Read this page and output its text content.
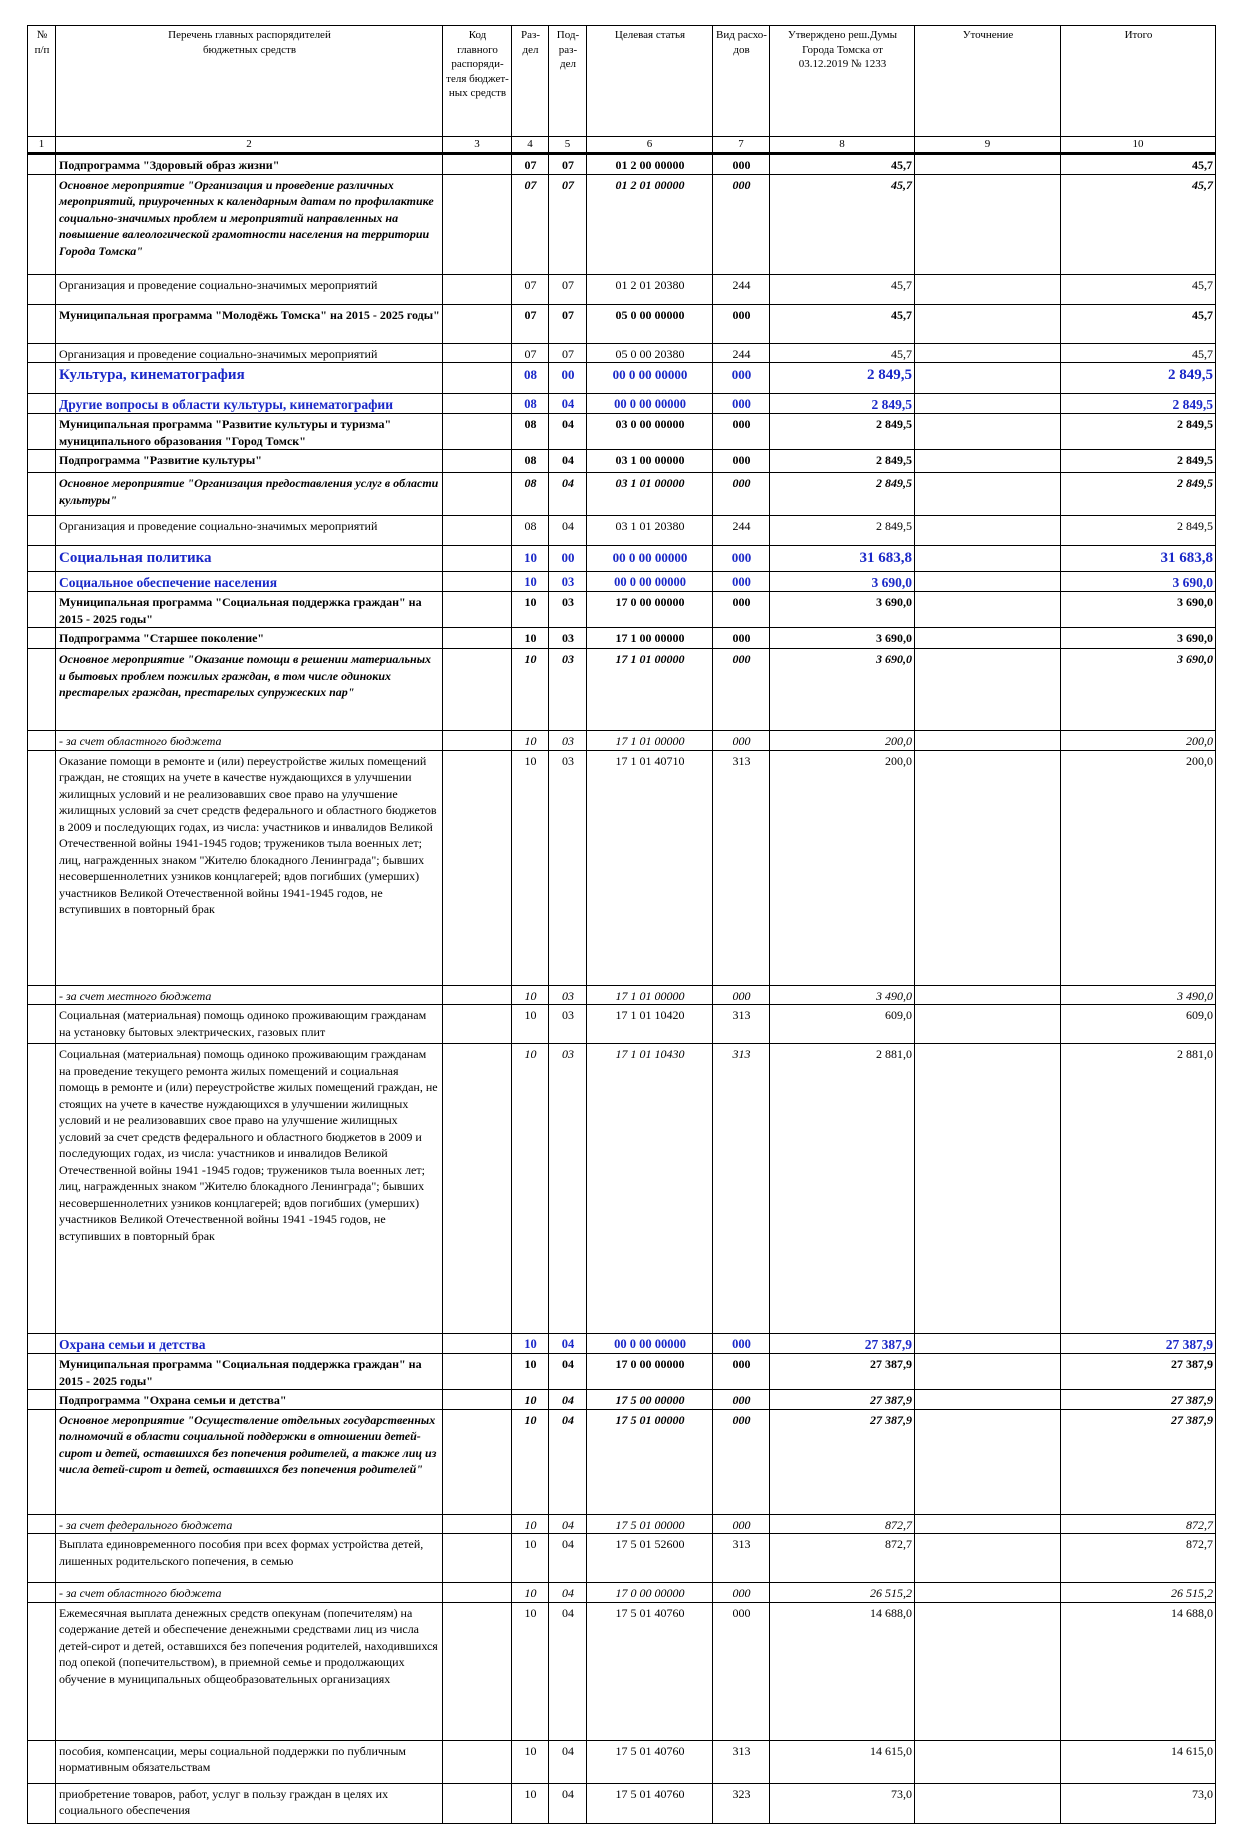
№
п/п	Перечень главных распорядителей
бюджетных средств	Код
главного
распоряди-
теля бюджет-
ных средств	Раз-
дел	Под-
раз-
дел	Целевая статья	Вид расхо-
дов	Утверждено реш.Думы
Города Томска от
03.12.2019 № 1233	Уточнение	Итого
1	2	3	4	5	6	7	8	9	10
	Подпрограмма "Здоровый образ жизни"		07	07	01 2 00 00000	000	45,7		45,7
	Основное мероприятие "Организация и проведение различных мероприятий, приуроченных к календарным датам по профилактике социально-значимых проблем и мероприятий направленных на повышение валеологической грамотности населения на территории Города Томска"		07	07	01 2 01 00000	000	45,7		45,7
	Организация и проведение социально-значимых мероприятий		07	07	01 2 01 20380	244	45,7		45,7
	Муниципальная программа "Молодёжь Томска" на 2015 - 2025 годы"		07	07	05 0 00 00000	000	45,7		45,7
	Организация и проведение социально-значимых мероприятий		07	07	05 0 00 20380	244	45,7		45,7
	Культура, кинематография		08	00	00 0 00 00000	000	2 849,5		2 849,5
	Другие вопросы в области культуры, кинематографии		08	04	00 0 00 00000	000	2 849,5		2 849,5
	Муниципальная программа "Развитие культуры и туризма" муниципального образования "Город Томск"		08	04	03 0 00 00000	000	2 849,5		2 849,5
	Подпрограмма "Развитие культуры"		08	04	03 1 00 00000	000	2 849,5		2 849,5
	Основное мероприятие "Организация предоставления услуг в области культуры"		08	04	03 1 01 00000	000	2 849,5		2 849,5
	Организация и проведение социально-значимых мероприятий		08	04	03 1 01 20380	244	2 849,5		2 849,5
	Социальная политика		10	00	00 0 00 00000	000	31 683,8		31 683,8
	Социальное обеспечение населения		10	03	00 0 00 00000	000	3 690,0		3 690,0
	Муниципальная программа "Социальная поддержка граждан" на 2015 - 2025 годы"		10	03	17 0 00 00000	000	3 690,0		3 690,0
	Подпрограмма "Старшее поколение"		10	03	17 1 00 00000	000	3 690,0		3 690,0
	Основное мероприятие "Оказание помощи в решении материальных и бытовых проблем пожилых граждан, в том числе одиноких престарелых граждан, престарелых супружеских пар"		10	03	17 1 01 00000	000	3 690,0		3 690,0
	- за счет областного бюджета		10	03	17 1 01 00000	000	200,0		200,0
	Оказание помощи в ремонте и (или) переустройстве жилых помещений граждан, не стоящих на учете в качестве нуждающихся в улучшении жилищных условий и не реализовавших свое право на улучшение жилищных условий за счет средств федерального и областного бюджетов в 2009 и последующих годах, из числа: участников и инвалидов Великой Отечественной войны 1941-1945 годов; тружеников тыла военных лет; лиц, награжденных знаком "Жителю блокадного Ленинграда"; бывших несовершеннолетних узников концлагерей; вдов погибших (умерших) участников Великой Отечественной войны 1941-1945 годов, не вступивших в повторный брак		10	03	17 1 01 40710	313	200,0		200,0
	- за счет местного бюджета		10	03	17 1 01 00000	000	3 490,0		3 490,0
	Социальная (материальная) помощь одиноко проживающим гражданам на установку бытовых электрических, газовых плит		10	03	17 1 01 10420	313	609,0		609,0
	Социальная (материальная) помощь одиноко проживающим гражданам на проведение текущего ремонта жилых помещений и социальная помощь в ремонте и (или) переустройстве жилых помещений граждан, не стоящих на учете в качестве нуждающихся в улучшении жилищных условий и не реализовавших свое право на улучшение жилищных условий за счет средств федерального и областного бюджетов в 2009 и последующих годах, из числа: участников и инвалидов Великой Отечественной войны 1941 -1945 годов; тружеников тыла военных лет; лиц, награжденных знаком "Жителю блокадного Ленинграда"; бывших несовершеннолетних узников концлагерей; вдов погибших (умерших) участников Великой Отечественной войны 1941 -1945 годов, не вступивших в повторный брак		10	03	17 1 01 10430	313	2 881,0		2 881,0
	Охрана семьи и детства		10	04	00 0 00 00000	000	27 387,9		27 387,9
	Муниципальная программа "Социальная поддержка граждан" на 2015 - 2025 годы"		10	04	17 0 00 00000	000	27 387,9		27 387,9
	Подпрограмма "Охрана семьи и детства"		10	04	17 5 00 00000	000	27 387,9		27 387,9
	Основное мероприятие "Осуществление отдельных государственных полномочий в области социальной поддержки в отношении детей-сирот и детей, оставшихся без попечения родителей, а также лиц из числа детей-сирот и детей, оставшихся без попечения родителей"		10	04	17 5 01 00000	000	27 387,9		27 387,9
	- за счет федерального бюджета		10	04	17 5 01 00000	000	872,7		872,7
	Выплата единовременного пособия при всех формах устройства детей, лишенных родительского попечения, в семью		10	04	17 5 01 52600	313	872,7		872,7
	- за счет областного бюджета		10	04	17 0 00 00000	000	26 515,2		26 515,2
	Ежемесячная выплата денежных средств опекунам (попечителям) на содержание детей и обеспечение денежными средствами лиц из числа детей-сирот и детей, оставшихся без попечения родителей, находившихся под опекой (попечительством), в приемной семье и продолжающих обучение в муниципальных общеобразовательных организациях		10	04	17 5 01 40760	000	14 688,0		14 688,0
	пособия, компенсации, меры социальной поддержки по публичным нормативным обязательствам		10	04	17 5 01 40760	313	14 615,0		14 615,0
	приобретение товаров, работ, услуг в пользу граждан в целях их социального обеспечения		10	04	17 5 01 40760	323	73,0		73,0
